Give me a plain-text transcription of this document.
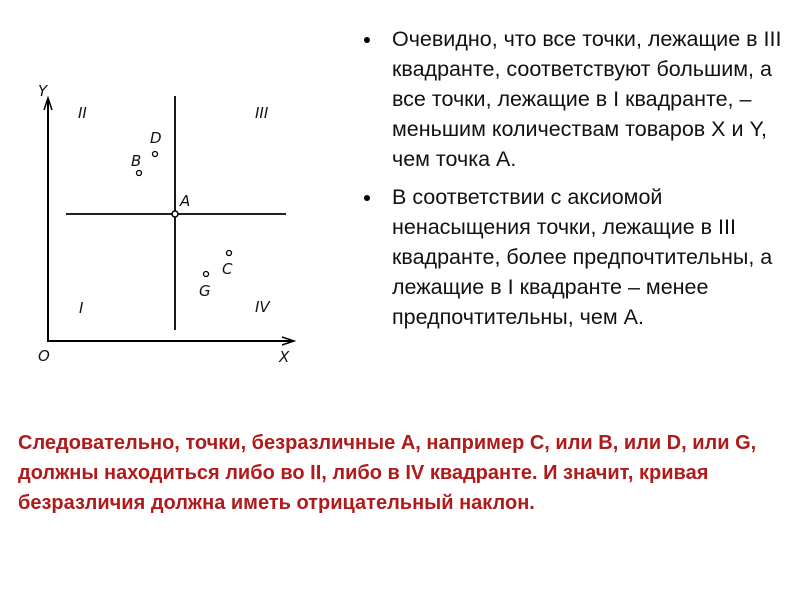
Y
X
O
II	III
I	IV
A
B
D
C
G
Очевидно, что все точки, лежащие в III квадранте, соответствуют большим, а все точки, лежащие в I квадранте, – меньшим количествам товаров X и Y, чем точка A.
В соответствии с аксиомой ненасыщения точки, лежащие в III квадранте, более предпочтительны, а лежащие в I квадранте – менее предпочтительны, чем A.

Следовательно, точки, безразличные A, например C, или B, или D, или G, должны находиться либо во II, либо в IV квадранте. И значит, кривая безразличия должна иметь отрицательный наклон.
